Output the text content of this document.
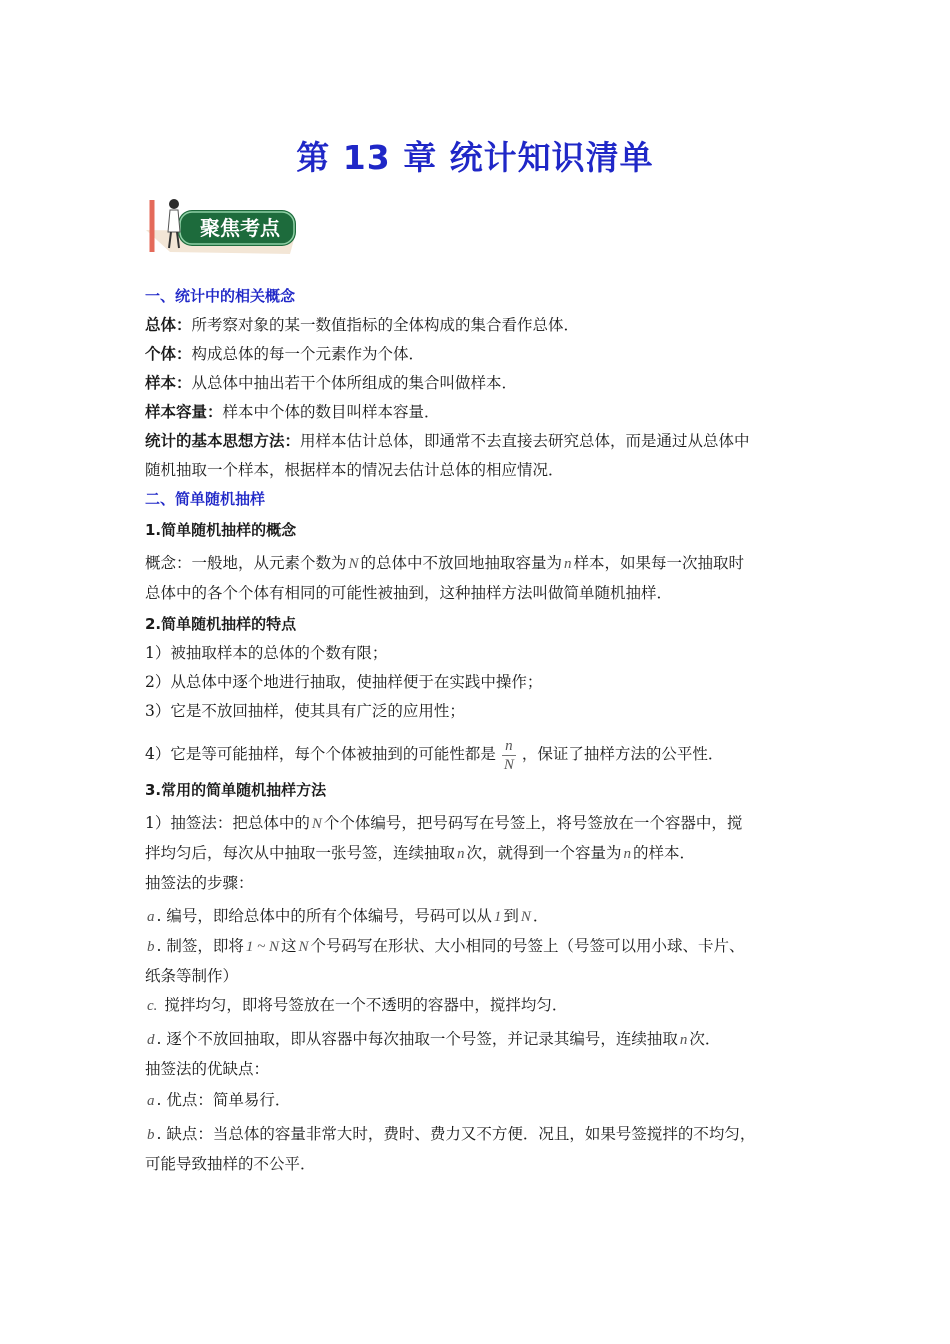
第 13 章 统计知识清单
聚焦考点
一、统计中的相关概念
总体：所考察对象的某一数值指标的全体构成的集合看作总体．
个体：构成总体的每一个元素作为个体．
样本：从总体中抽出若干个体所组成的集合叫做样本．
样本容量：样本中个体的数目叫样本容量．
统计的基本思想方法：用样本估计总体，即通常不去直接去研究总体，而是通过从总体中
随机抽取一个样本，根据样本的情况去估计总体的相应情况．
二、简单随机抽样
1.简单随机抽样的概念
概念：一般地，从元素个数为 N 的总体中不放回地抽取容量为 n 样本，如果每一次抽取时
总体中的各个个体有相同的可能性被抽到，这种抽样方法叫做简单随机抽样．
2.简单随机抽样的特点
1）被抽取样本的总体的个数有限；
2）从总体中逐个地进行抽取，使抽样便于在实践中操作；
3）它是不放回抽样，使其具有广泛的应用性；
4）它是等可能抽样，每个个体被抽到的可能性都是 $\frac{n}{N}$ ，保证了抽样方法的公平性．
3.常用的简单随机抽样方法
1）抽签法：把总体中的 N 个个体编号，把号码写在号签上，将号签放在一个容器中，搅
拌均匀后，每次从中抽取一张号签，连续抽取 n 次，就得到一个容量为 n 的样本．
抽签法的步骤：
a . 编号，即给总体中的所有个体编号，号码可以从 1 到 N ．
b . 制签，即将 1 ~ N 这 N 个号码写在形状、大小相同的号签上（号签可以用小球、卡片、
纸条等制作）
c. 搅拌均匀，即将号签放在一个不透明的容器中，搅拌均匀．
d . 逐个不放回抽取，即从容器中每次抽取一个号签，并记录其编号，连续抽取 n 次．
抽签法的优缺点：
a . 优点：简单易行．
b . 缺点：当总体的容量非常大时，费时、费力又不方便．况且，如果号签搅拌的不均匀，
可能导致抽样的不公平．
